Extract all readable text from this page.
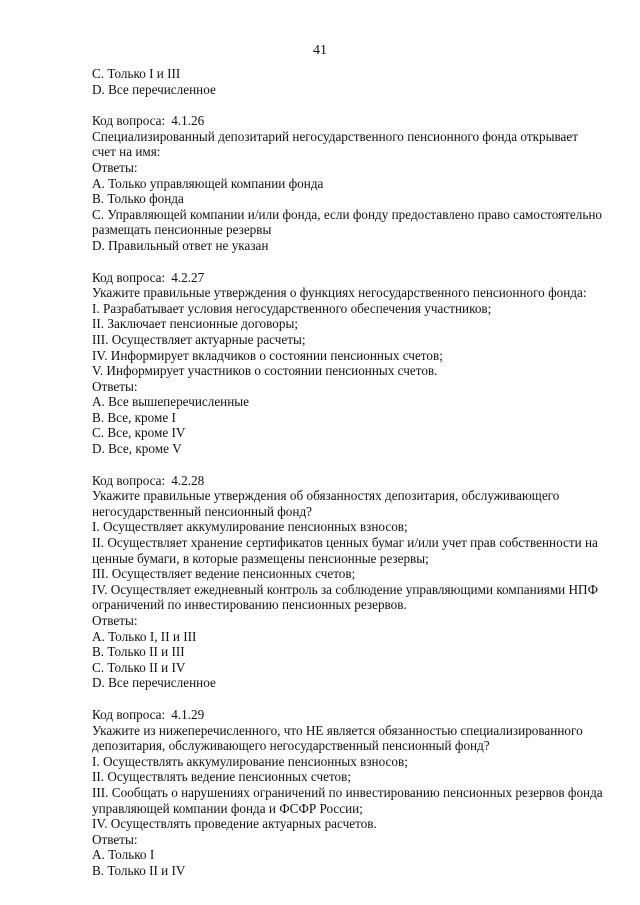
41
C. Только I и III
D. Все перечисленное
Код вопроса: 4.1.26
Специализированный депозитарий негосударственного пенсионного фонда открывает
счет на имя:
Ответы:
A. Только управляющей компании фонда
B. Только фонда
C. Управляющей компании и/или фонда, если фонду предоставлено право самостоятельно
размещать пенсионные резервы
D. Правильный ответ не указан
Код вопроса: 4.2.27
Укажите правильные утверждения о функциях негосударственного пенсионного фонда:
I. Разрабатывает условия негосударственного обеспечения участников;
II. Заключает пенсионные договоры;
III. Осуществляет актуарные расчеты;
IV. Информирует вкладчиков о состоянии пенсионных счетов;
V. Информирует участников о состоянии пенсионных счетов.
Ответы:
A. Все вышеперечисленные
B. Все, кроме I
C. Все, кроме IV
D. Все, кроме V
Код вопроса: 4.2.28
Укажите правильные утверждения об обязанностях депозитария, обслуживающего
негосударственный пенсионный фонд?
I. Осуществляет аккумулирование пенсионных взносов;
II. Осуществляет хранение сертификатов ценных бумаг и/или учет прав собственности на
ценные бумаги, в которые размещены пенсионные резервы;
III. Осуществляет ведение пенсионных счетов;
IV. Осуществляет ежедневный контроль за соблюдение управляющими компаниями НПФ
ограничений по инвестированию пенсионных резервов.
Ответы:
A. Только I, II и III
B. Только II и III
C. Только II и IV
D. Все перечисленное
Код вопроса: 4.1.29
Укажите из нижеперечисленного, что НЕ является обязанностью специализированного
депозитария, обслуживающего негосударственный пенсионный фонд?
I. Осуществлять аккумулирование пенсионных взносов;
II. Осуществлять ведение пенсионных счетов;
III. Сообщать о нарушениях ограничений по инвестированию пенсионных резервов фонда
управляющей компании фонда и ФСФР России;
IV. Осуществлять проведение актуарных расчетов.
Ответы:
A. Только I
B. Только II и IV
